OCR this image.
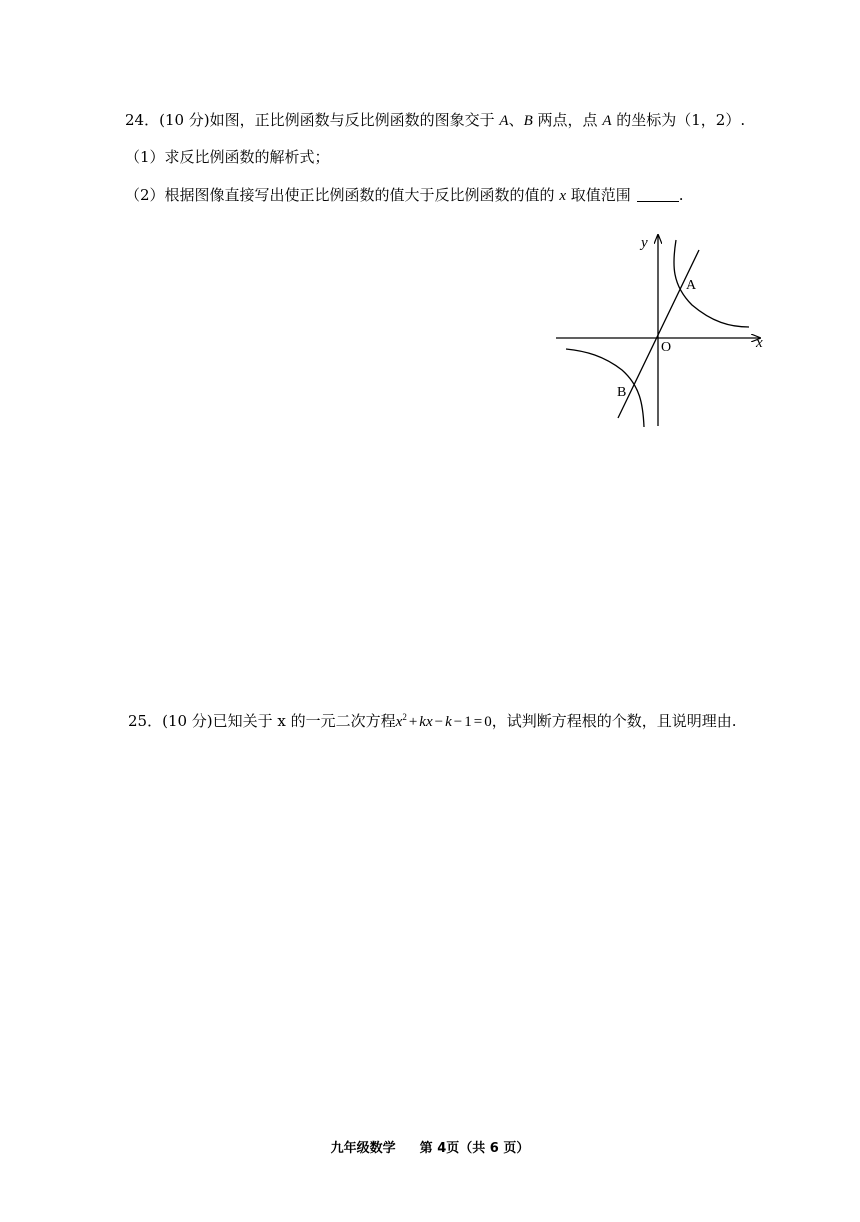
24．(10 分)如图，正比例函数与反比例函数的图象交于 A、B 两点，点 A 的坐标为（1，2）.
（1）求反比例函数的解析式；
（2）根据图像直接写出使正比例函数的值大于反比例函数的值的 x 取值范围	.
y
x
O
A
B
25．(10 分)已知关于 x 的一元二次方程$x^2$ + kx − k − 1 = 0，试判断方程根的个数，且说明理由.
九年级数学 第 4页（共 6 页）
